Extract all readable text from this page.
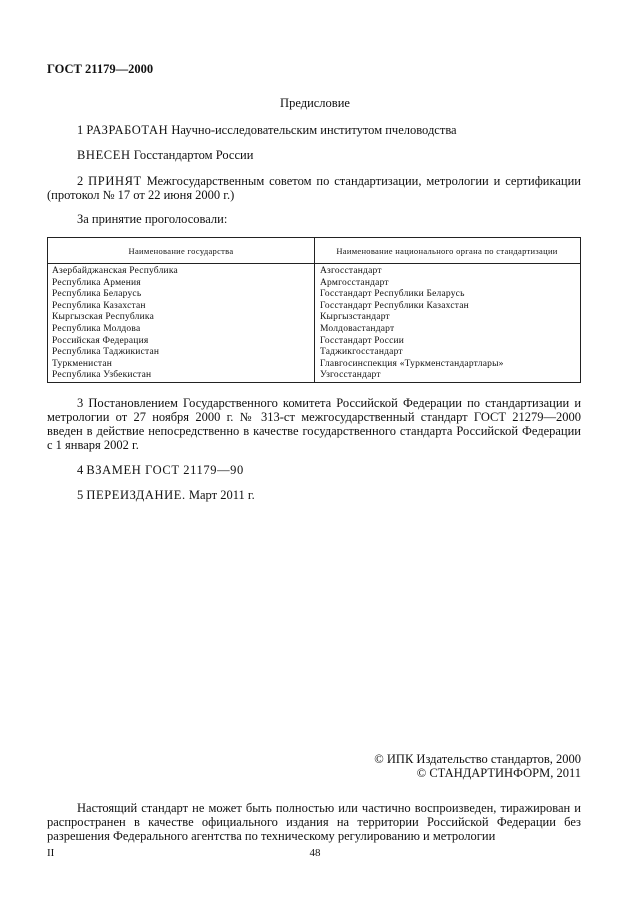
ГОСТ 21179—2000
Предисловие
1 РАЗРАБОТАН Научно-исследовательским институтом пчеловодства
ВНЕСЕН Госстандартом России
2 ПРИНЯТ Межгосударственным советом по стандартизации, метрологии и сертификации (протокол № 17 от 22 июня 2000 г.)
За принятие проголосовали:
Наименование государства	Наименование национального органа по стандартизации
Азербайджанская Республика
Республика Армения
Республика Беларусь
Республика Казахстан
Кыргызская Республика
Республика Молдова
Российская Федерация
Республика Таджикистан
Туркменистан
Республика Узбекистан
Азгосстандарт
Армгосстандарт
Госстандарт Республики Беларусь
Госстандарт Республики Казахстан
Кыргызстандарт
Молдовастандарт
Госстандарт России
Таджикгосстандарт
Главгосинспекция «Туркменстандартлары»
Узгосстандарт
3 Постановлением Государственного комитета Российской Федерации по стандартизации и метрологии от 27 ноября 2000 г. № 313-ст межгосударственный стандарт ГОСТ 21279—2000 введен в действие непосредственно в качестве государственного стандарта Российской Федерации с 1 января 2002 г.
4 ВЗАМЕН ГОСТ 21179—90
5 ПЕРЕИЗДАНИЕ. Март 2011 г.
© ИПК Издательство стандартов, 2000
© СТАНДАРТИНФОРМ, 2011
Настоящий стандарт не может быть полностью или частично воспроизведен, тиражирован и распространен в качестве официального издания на территории Российской Федерации без разрешения Федерального агентства по техническому регулированию и метрологии
II	48
